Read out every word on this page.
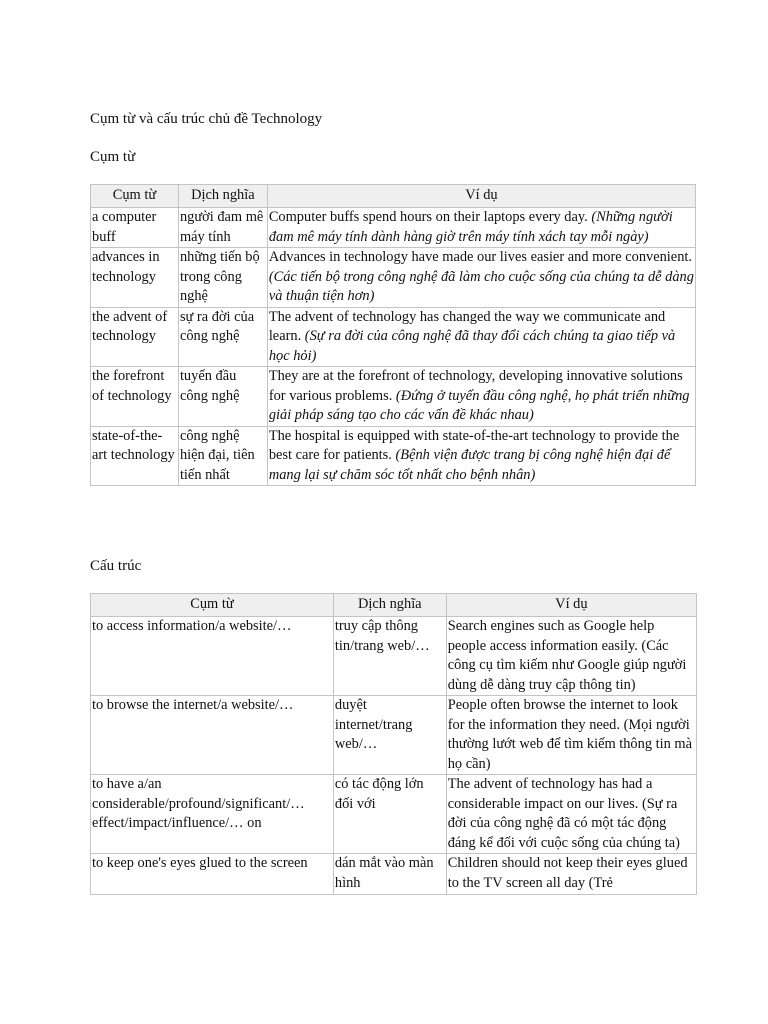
Cụm từ và cấu trúc chủ đề Technology
Cụm từ
Cụm từ	Dịch nghĩa	Ví dụ
a computer buff	người đam mê máy tính	Computer buffs spend hours on their laptops every day. (Những người đam mê máy tính dành hàng giờ trên máy tính xách tay mỗi ngày)
advances in technology	những tiến bộ trong công nghệ	Advances in technology have made our lives easier and more convenient. (Các tiến bộ trong công nghệ đã làm cho cuộc sống của chúng ta dễ dàng và thuận tiện hơn)
the advent of technology	sự ra đời của công nghệ	The advent of technology has changed the way we communicate and learn. (Sự ra đời của công nghệ đã thay đổi cách chúng ta giao tiếp và học hỏi)
the forefront of technology	tuyến đầu công nghệ	They are at the forefront of technology, developing innovative solutions for various problems. (Đứng ở tuyến đầu công nghệ, họ phát triển những giải pháp sáng tạo cho các vấn đề khác nhau)
state-of-the-art technology	công nghệ hiện đại, tiên tiến nhất	The hospital is equipped with state-of-the-art technology to provide the best care for patients. (Bệnh viện được trang bị công nghệ hiện đại để mang lại sự chăm sóc tốt nhất cho bệnh nhân)
Cấu trúc
Cụm từ	Dịch nghĩa	Ví dụ
to access information/a website/…	truy cập thông tin/trang web/…	Search engines such as Google help people access information easily. (Các công cụ tìm kiếm như Google giúp người dùng dễ dàng truy cập thông tin)
to browse the internet/a website/…	duyệt internet/trang web/…	People often browse the internet to look for the information they need. (Mọi người thường lướt web để tìm kiếm thông tin mà họ cần)
to have a/an considerable/profound/significant/… effect/impact/influence/… on	có tác động lớn đối với	The advent of technology has had a considerable impact on our lives. (Sự ra đời của công nghệ đã có một tác động đáng kể đối với cuộc sống của chúng ta)
to keep one's eyes glued to the screen	dán mắt vào màn hình	Children should not keep their eyes glued to the TV screen all day (Trẻ
